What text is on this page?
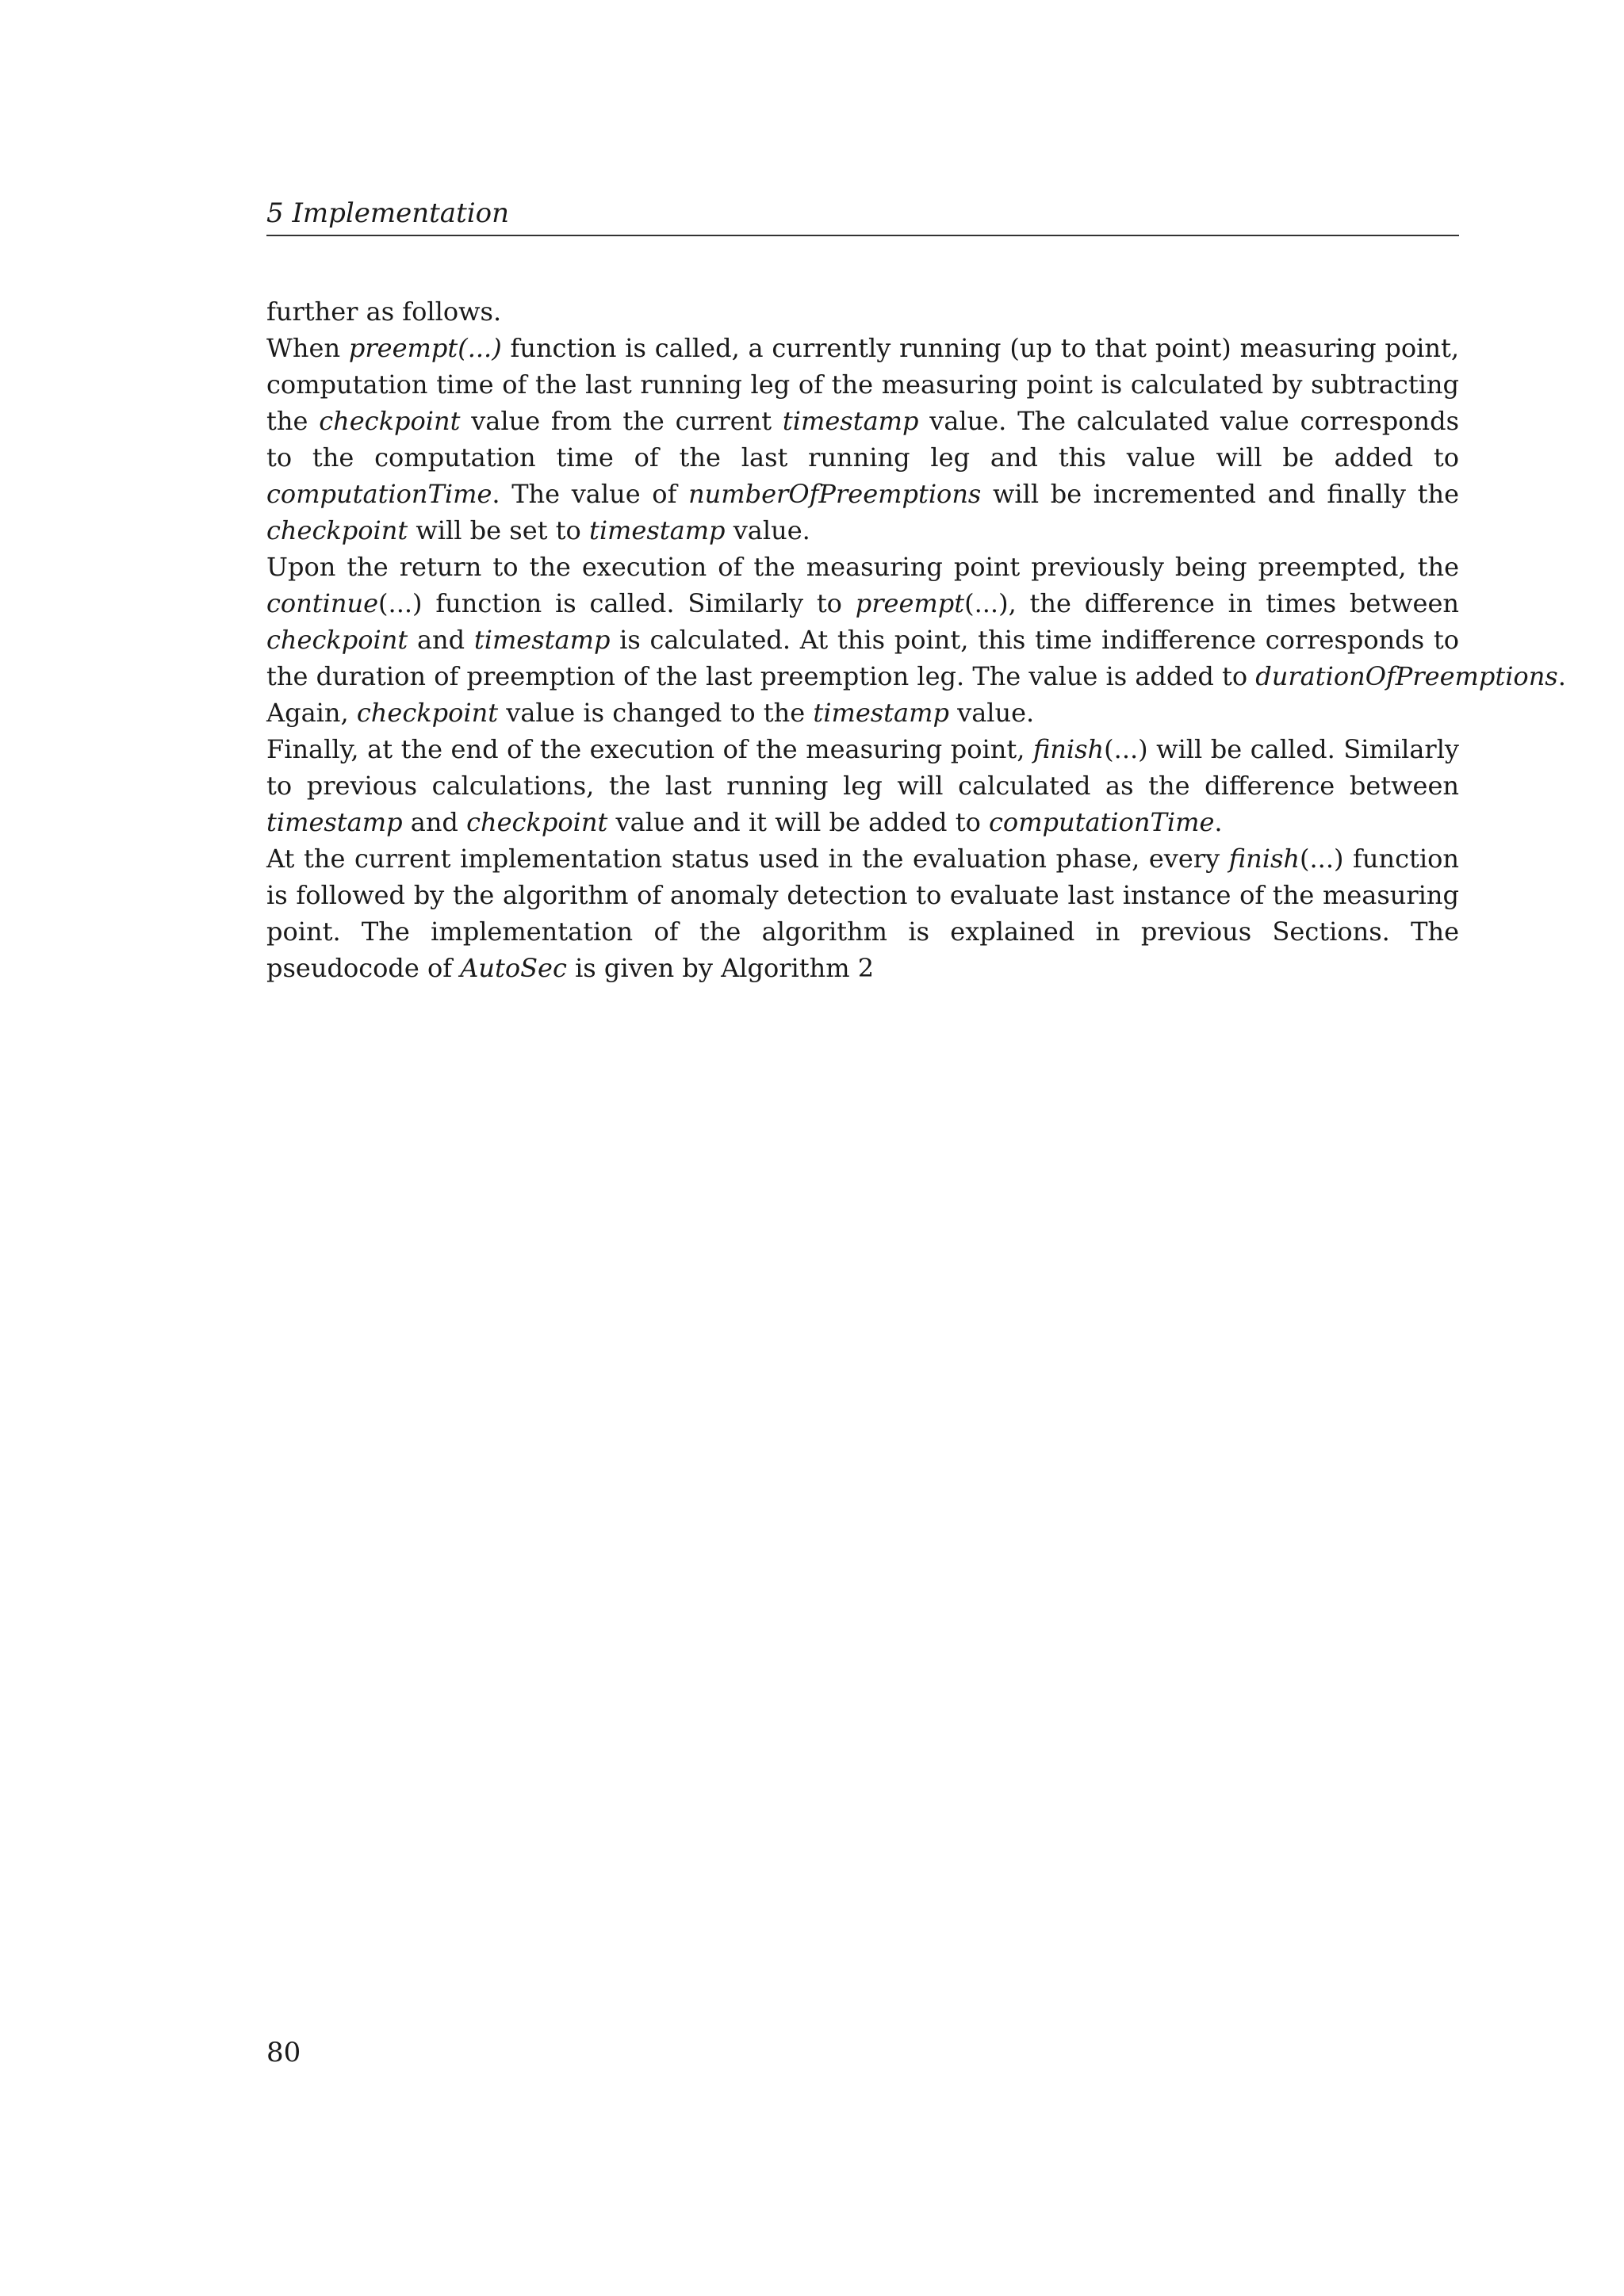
5 Implementation

further as follows.

When preempt(...) function is called, a currently running (up to that point) measuring point, computation time of the last running leg of the measuring point is calculated by subtracting the checkpoint value from the current timestamp value. The calculated value corresponds to the computation time of the last running leg and this value will be added to computationTime. The value of numberOfPreemptions will be incremented and finally the checkpoint will be set to timestamp value.

Upon the return to the execution of the measuring point previously being preempted, the continue(...) function is called. Similarly to preempt(...), the difference in times between checkpoint and timestamp is calculated. At this point, this time indifference corresponds to the duration of preemption of the last preemption leg. The value is added to durationOfPreemptions.
Again, checkpoint value is changed to the timestamp value.

Finally, at the end of the execution of the measuring point, finish(...) will be called. Similarly to previous calculations, the last running leg will calculated as the difference between timestamp and checkpoint value and it will be added to computationTime.

At the current implementation status used in the evaluation phase, every finish(...) function is followed by the algorithm of anomaly detection to evaluate last instance of the measuring point. The implementation of the algorithm is explained in previous Sections. The pseudocode of AutoSec is given by Algorithm 2

80
